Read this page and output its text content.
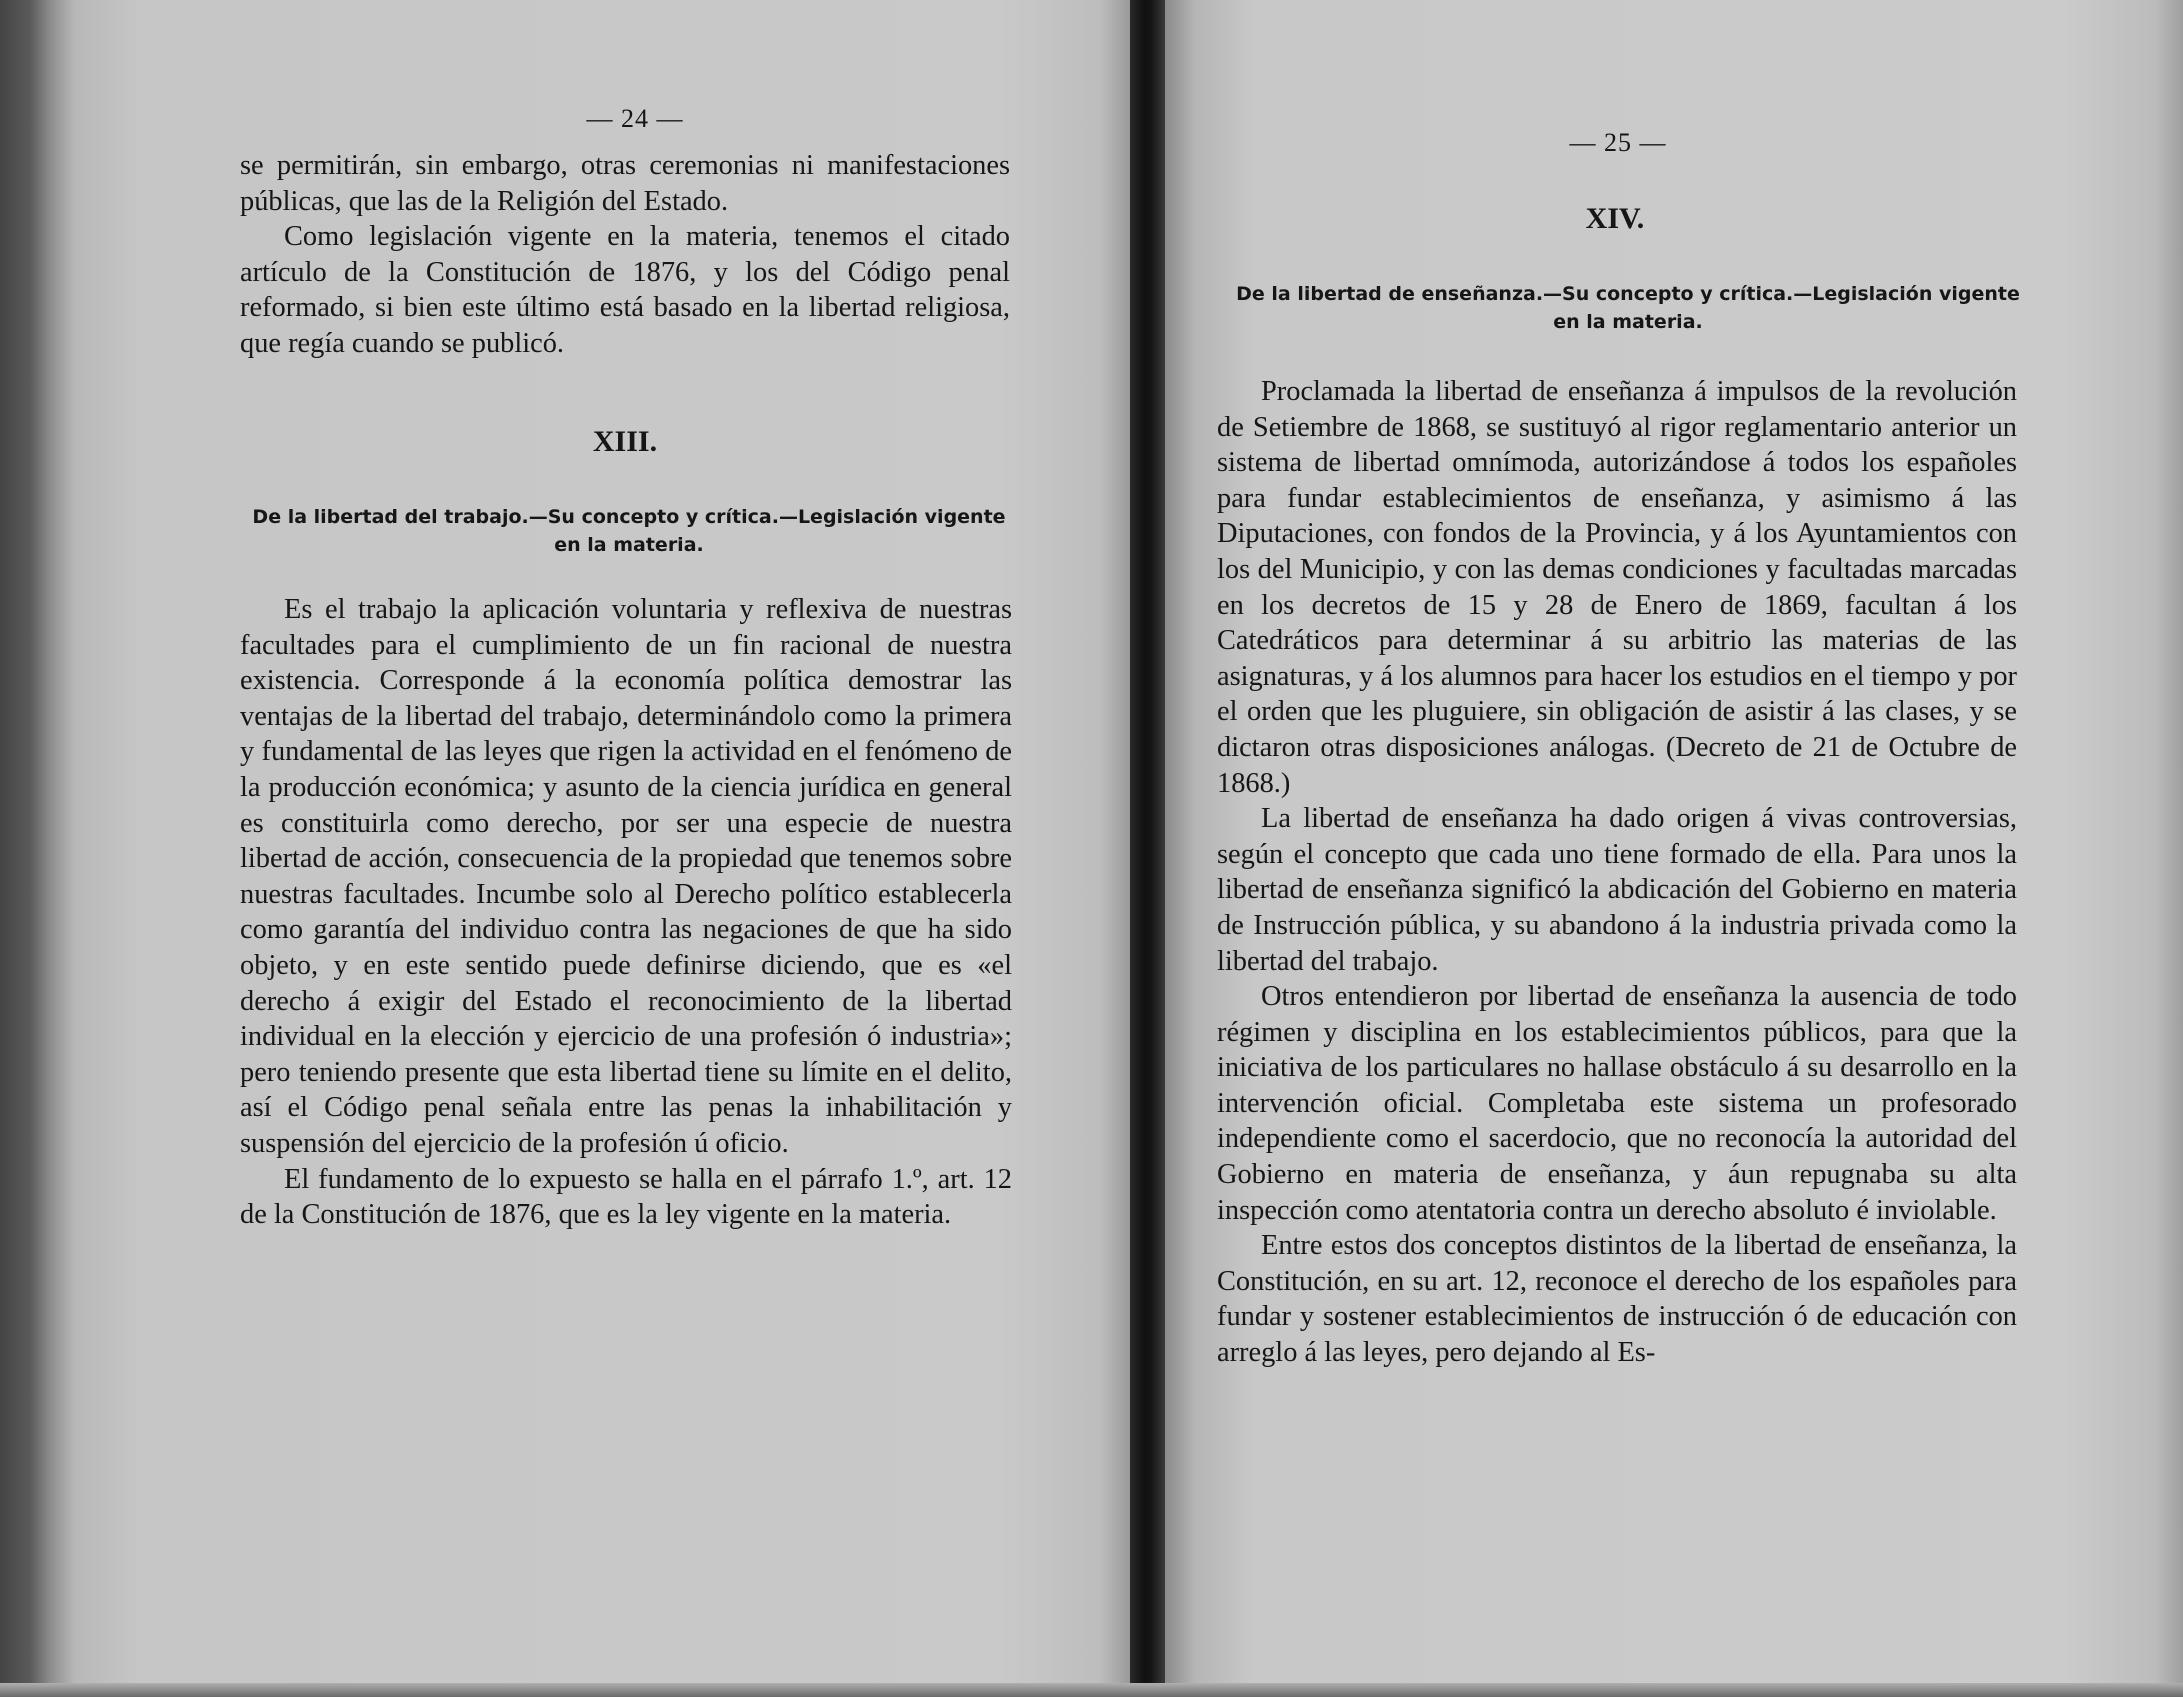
— 24 —

se permitirán, sin embargo, otras ceremonias ni manifestaciones públicas, que las de la Religión del Estado.

Como legislación vigente en la materia, tenemos el citado artículo de la Constitución de 1876, y los del Código penal reformado, si bien este último está basado en la libertad religiosa, que regía cuando se publicó.

XIII.
De la libertad del trabajo.—Su concepto y crítica.—Legislación vigente en la materia.

Es el trabajo la aplicación voluntaria y reflexiva de nuestras facultades para el cumplimiento de un fin racional de nuestra existencia. Corresponde á la economía política demostrar las ventajas de la libertad del trabajo, determinándolo como la primera y fundamental de las leyes que rigen la actividad en el fenómeno de la producción económica; y asunto de la ciencia jurídica en general es constituirla como derecho, por ser una especie de nuestra libertad de acción, consecuencia de la propiedad que tenemos sobre nuestras facultades. Incumbe solo al Derecho político establecerla como garantía del individuo contra las negaciones de que ha sido objeto, y en este sentido puede definirse diciendo, que es «el derecho á exigir del Estado el reconocimiento de la libertad individual en la elección y ejercicio de una profesión ó industria»; pero teniendo presente que esta libertad tiene su límite en el delito, así el Código penal señala entre las penas la inhabilitación y suspensión del ejercicio de la profesión ú oficio.

El fundamento de lo expuesto se halla en el párrafo 1.º, art. 12 de la Constitución de 1876, que es la ley vigente en la materia.

— 25 —
XIV.
De la libertad de enseñanza.—Su concepto y crítica.—Legislación vigente en la materia.

Proclamada la libertad de enseñanza á impulsos de la revolución de Setiembre de 1868, se sustituyó al rigor reglamentario anterior un sistema de libertad omnímoda, autorizándose á todos los españoles para fundar establecimientos de enseñanza, y asimismo á las Diputaciones, con fondos de la Provincia, y á los Ayuntamientos con los del Municipio, y con las demas condiciones y facultadas marcadas en los decretos de 15 y 28 de Enero de 1869, facultan á los Catedráticos para determinar á su arbitrio las materias de las asignaturas, y á los alumnos para hacer los estudios en el tiempo y por el orden que les pluguiere, sin obligación de asistir á las clases, y se dictaron otras disposiciones análogas. (Decreto de 21 de Octubre de 1868.)

La libertad de enseñanza ha dado origen á vivas controversias, según el concepto que cada uno tiene formado de ella. Para unos la libertad de enseñanza significó la abdicación del Gobierno en materia de Instrucción pública, y su abandono á la industria privada como la libertad del trabajo.

Otros entendieron por libertad de enseñanza la ausencia de todo régimen y disciplina en los establecimientos públicos, para que la iniciativa de los particulares no hallase obstáculo á su desarrollo en la intervención oficial. Completaba este sistema un profesorado independiente como el sacerdocio, que no reconocía la autoridad del Gobierno en materia de enseñanza, y áun repugnaba su alta inspección como atentatoria contra un derecho absoluto é inviolable.

Entre estos dos conceptos distintos de la libertad de enseñanza, la Constitución, en su art. 12, reconoce el derecho de los españoles para fundar y sostener establecimientos de instrucción ó de educación con arreglo á las leyes, pero dejando al Es-
